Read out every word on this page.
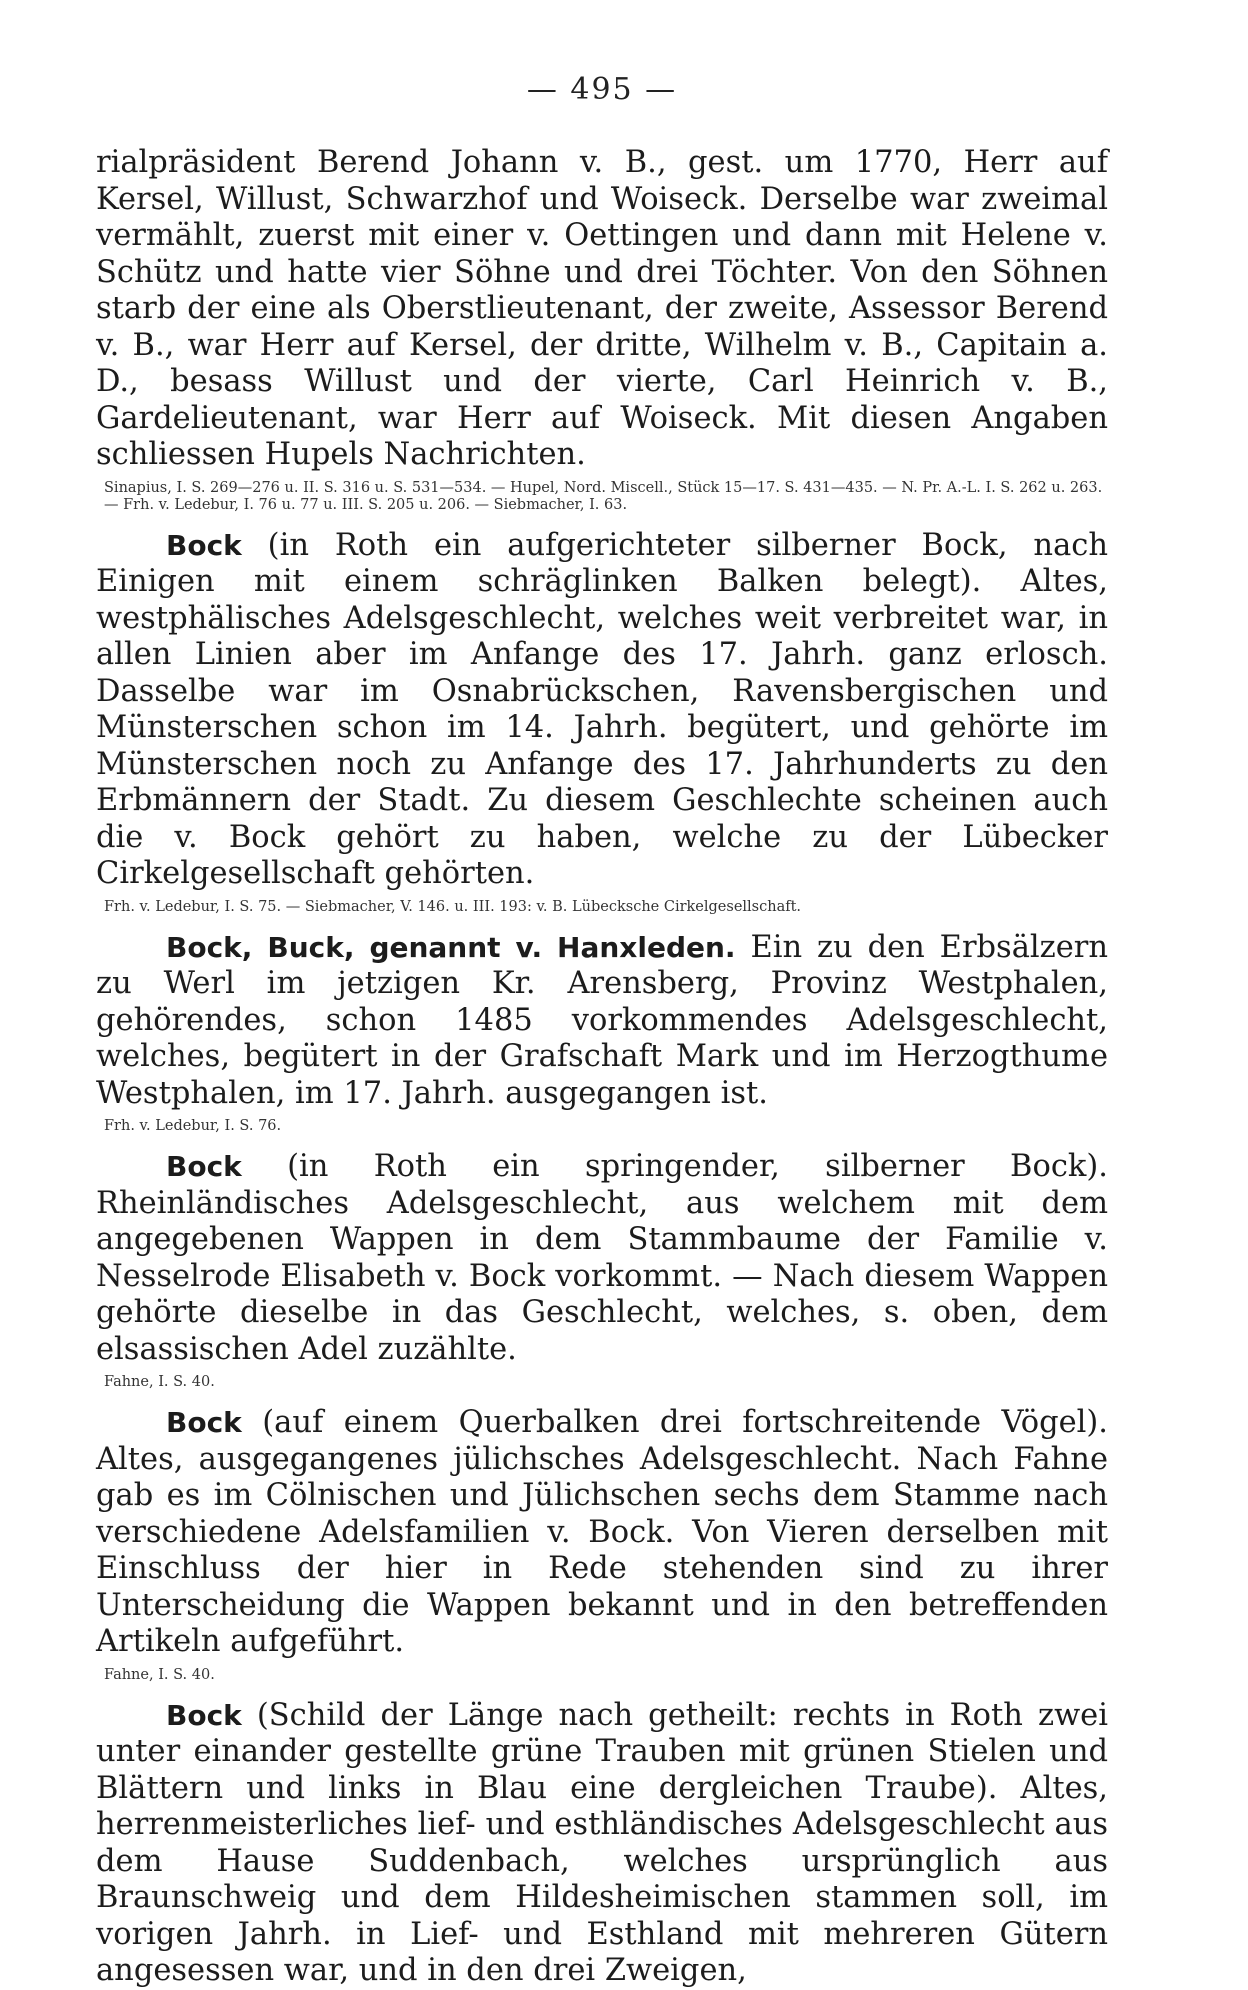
— 495 —

rialpräsident Berend Johann v. B., gest. um 1770, Herr auf Kersel, Willust, Schwarzhof und Woiseck. Derselbe war zweimal vermählt, zuerst mit einer v. Oettingen und dann mit Helene v. Schütz und hatte vier Söhne und drei Töchter. Von den Söhnen starb der eine als Oberstlieutenant, der zweite, Assessor Berend v. B., war Herr auf Kersel, der dritte, Wilhelm v. B., Capitain a. D., besass Willust und der vierte, Carl Heinrich v. B., Gardelieutenant, war Herr auf Woiseck. Mit diesen Angaben schliessen Hupels Nachrichten.

Sinapius, I. S. 269—276 u. II. S. 316 u. S. 531—534. — Hupel, Nord. Miscell., Stück 15—17. S. 431—435. — N. Pr. A.-L. I. S. 262 u. 263. — Frh. v. Ledebur, I. 76 u. 77 u. III. S. 205 u. 206. — Siebmacher, I. 63.

Bock (in Roth ein aufgerichteter silberner Bock, nach Einigen mit einem schräglinken Balken belegt). Altes, westphälisches Adelsgeschlecht, welches weit verbreitet war, in allen Linien aber im Anfange des 17. Jahrh. ganz erlosch. Dasselbe war im Osnabrückschen, Ravensbergischen und Münsterschen schon im 14. Jahrh. begütert, und gehörte im Münsterschen noch zu Anfange des 17. Jahrhunderts zu den Erbmännern der Stadt. Zu diesem Geschlechte scheinen auch die v. Bock gehört zu haben, welche zu der Lübecker Cirkelgesellschaft gehörten.

Frh. v. Ledebur, I. S. 75. — Siebmacher, V. 146. u. III. 193: v. B. Lübecksche Cirkelgesellschaft.

Bock, Buck, genannt v. Hanxleden. Ein zu den Erbsälzern zu Werl im jetzigen Kr. Arensberg, Provinz Westphalen, gehörendes, schon 1485 vorkommendes Adelsgeschlecht, welches, begütert in der Grafschaft Mark und im Herzogthume Westphalen, im 17. Jahrh. ausgegangen ist.

Frh. v. Ledebur, I. S. 76.

Bock (in Roth ein springender, silberner Bock). Rheinländisches Adelsgeschlecht, aus welchem mit dem angegebenen Wappen in dem Stammbaume der Familie v. Nesselrode Elisabeth v. Bock vorkommt. — Nach diesem Wappen gehörte dieselbe in das Geschlecht, welches, s. oben, dem elsassischen Adel zuzählte.

Fahne, I. S. 40.

Bock (auf einem Querbalken drei fortschreitende Vögel). Altes, ausgegangenes jülichsches Adelsgeschlecht. Nach Fahne gab es im Cölnischen und Jülichschen sechs dem Stamme nach verschiedene Adelsfamilien v. Bock. Von Vieren derselben mit Einschluss der hier in Rede stehenden sind zu ihrer Unterscheidung die Wappen bekannt und in den betreffenden Artikeln aufgeführt.

Fahne, I. S. 40.

Bock (Schild der Länge nach getheilt: rechts in Roth zwei unter einander gestellte grüne Trauben mit grünen Stielen und Blättern und links in Blau eine dergleichen Traube). Altes, herrenmeisterliches lief- und esthländisches Adelsgeschlecht aus dem Hause Suddenbach, welches ursprünglich aus Braunschweig und dem Hildesheimischen stammen soll, im vorigen Jahrh. in Lief- und Esthland mit mehreren Gütern angesessen war, und in den drei Zweigen,
